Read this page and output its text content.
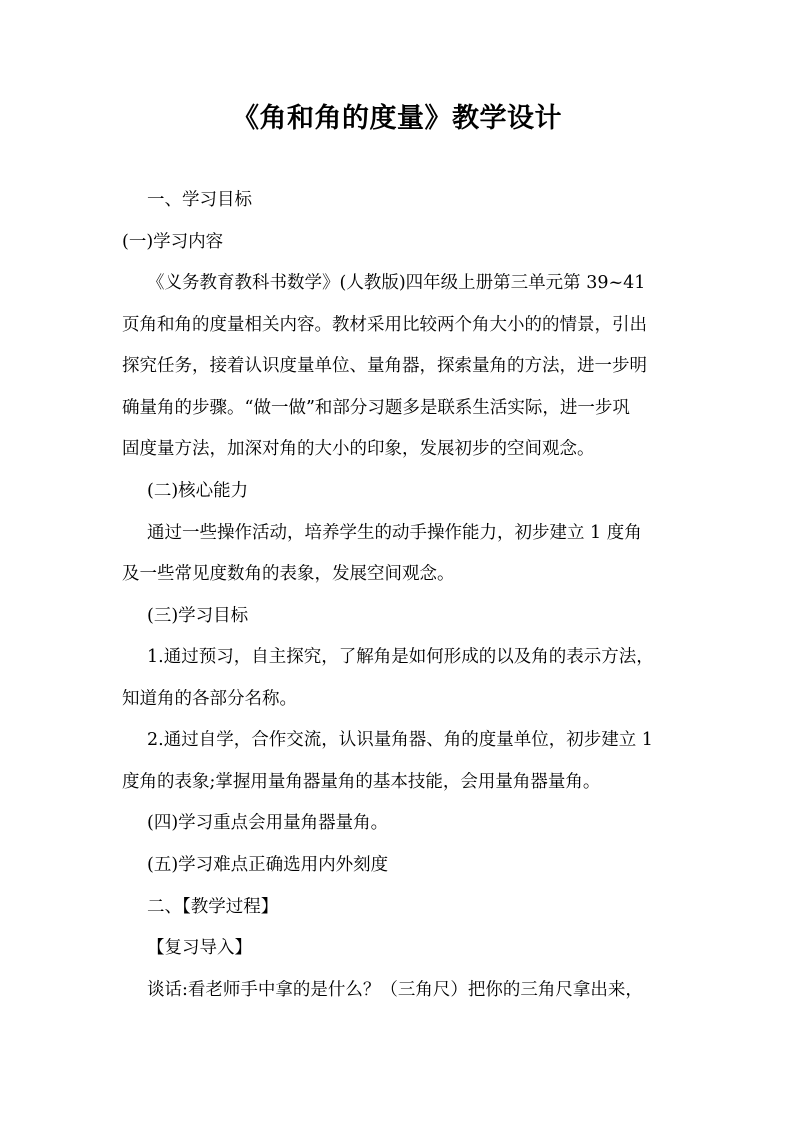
《角和角的度量》教学设计
一、学习目标
(一)学习内容
《义务教育教科书数学》(人教版)四年级上册第三单元第 39~41
页角和角的度量相关内容。教材采用比较两个角大小的的情景，引出
探究任务，接着认识度量单位、量角器，探索量角的方法，进一步明
确量角的步骤。“做一做”和部分习题多是联系生活实际，进一步巩
固度量方法，加深对角的大小的印象，发展初步的空间观念。
(二)核心能力
通过一些操作活动，培养学生的动手操作能力，初步建立 1 度角
及一些常见度数角的表象，发展空间观念。
(三)学习目标
1.通过预习，自主探究，了解角是如何形成的以及角的表示方法，
知道角的各部分名称。
2.通过自学，合作交流，认识量角器、角的度量单位，初步建立 1
度角的表象;掌握用量角器量角的基本技能，会用量角器量角。
(四)学习重点会用量角器量角。
(五)学习难点正确选用内外刻度
二、【教学过程】
【复习导入】
谈话:看老师手中拿的是什么？（三角尺）把你的三角尺拿出来，
